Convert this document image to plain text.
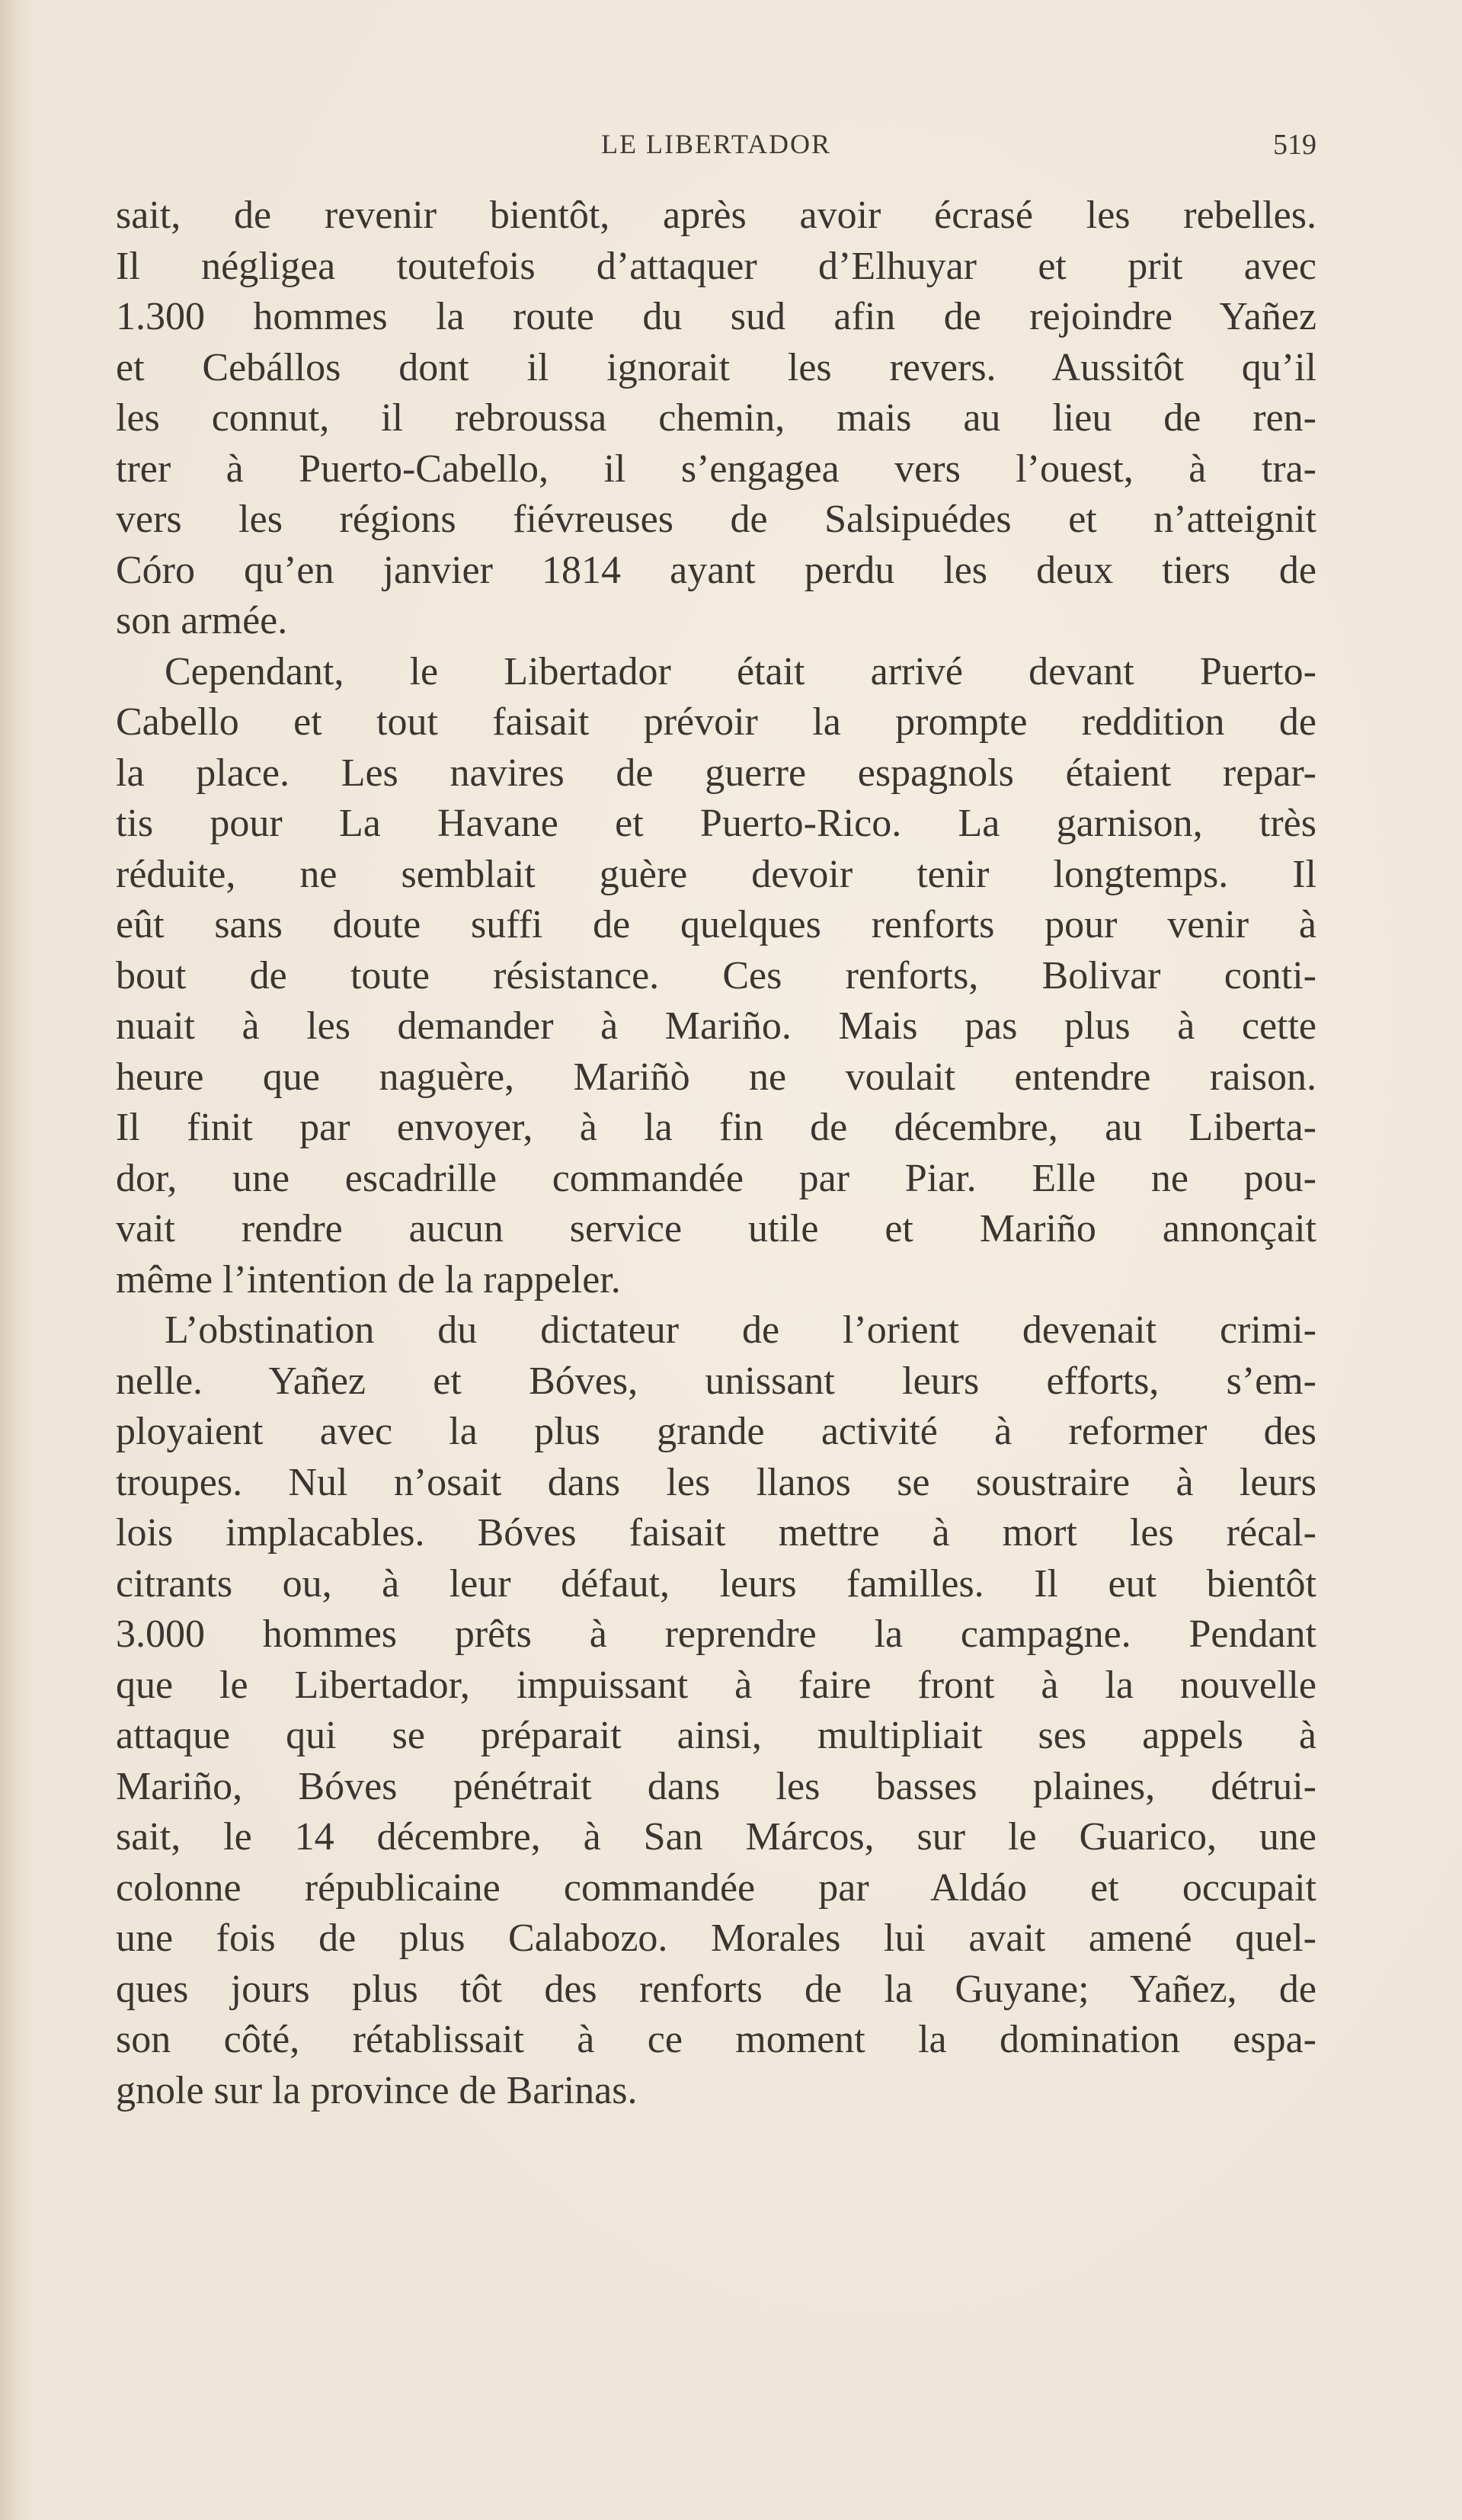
LE LIBERTADOR	519
sait, de revenir bientôt, après avoir écrasé les rebelles.
Il négligea toutefois d’attaquer d’Elhuyar et prit avec
1.300 hommes la route du sud afin de rejoindre Yañez
et Cebállos dont il ignorait les revers. Aussitôt qu’il
les connut, il rebroussa chemin, mais au lieu de ren-
trer à Puerto-Cabello, il s’engagea vers l’ouest, à tra-
vers les régions fiévreuses de Salsipuédes et n’atteignit
Córo qu’en janvier 1814 ayant perdu les deux tiers de
son armée.
Cependant, le Libertador était arrivé devant Puerto-
Cabello et tout faisait prévoir la prompte reddition de
la place. Les navires de guerre espagnols étaient repar-
tis pour La Havane et Puerto-Rico. La garnison, très
réduite, ne semblait guère devoir tenir longtemps. Il
eût sans doute suffi de quelques renforts pour venir à
bout de toute résistance. Ces renforts, Bolivar conti-
nuait à les demander à Mariño. Mais pas plus à cette
heure que naguère, Mariñò ne voulait entendre raison.
Il finit par envoyer, à la fin de décembre, au Liberta-
dor, une escadrille commandée par Piar. Elle ne pou-
vait rendre aucun service utile et Mariño annonçait
même l’intention de la rappeler.
L’obstination du dictateur de l’orient devenait crimi-
nelle. Yañez et Bóves, unissant leurs efforts, s’em-
ployaient avec la plus grande activité à reformer des
troupes. Nul n’osait dans les llanos se soustraire à leurs
lois implacables. Bóves faisait mettre à mort les récal-
citrants ou, à leur défaut, leurs familles. Il eut bientôt
3.000 hommes prêts à reprendre la campagne. Pendant
que le Libertador, impuissant à faire front à la nouvelle
attaque qui se préparait ainsi, multipliait ses appels à
Mariño, Bóves pénétrait dans les basses plaines, détrui-
sait, le 14 décembre, à San Márcos, sur le Guarico, une
colonne républicaine commandée par Aldáo et occupait
une fois de plus Calabozo. Morales lui avait amené quel-
ques jours plus tôt des renforts de la Guyane; Yañez, de
son côté, rétablissait à ce moment la domination espa-
gnole sur la province de Barinas.
